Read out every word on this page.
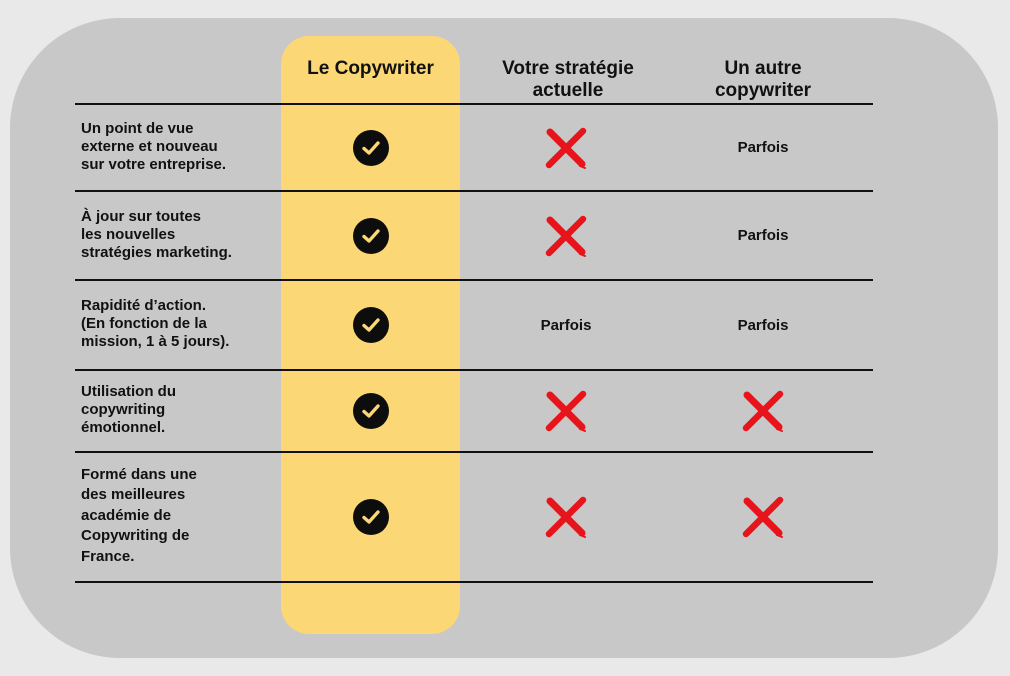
Le Copywriter	Votre stratégie
actuelle
Un autre
copywriter
Un point de vue
externe et nouveau
sur votre entreprise.
Parfois
À jour sur toutes
les nouvelles
stratégies marketing.
Parfois
Rapidité d’action.
(En fonction de la
mission, 1 à 5 jours).
Parfois	Parfois
Utilisation du
copywriting
émotionnel.
Formé dans une
des meilleures
académie de
Copywriting de
France.
